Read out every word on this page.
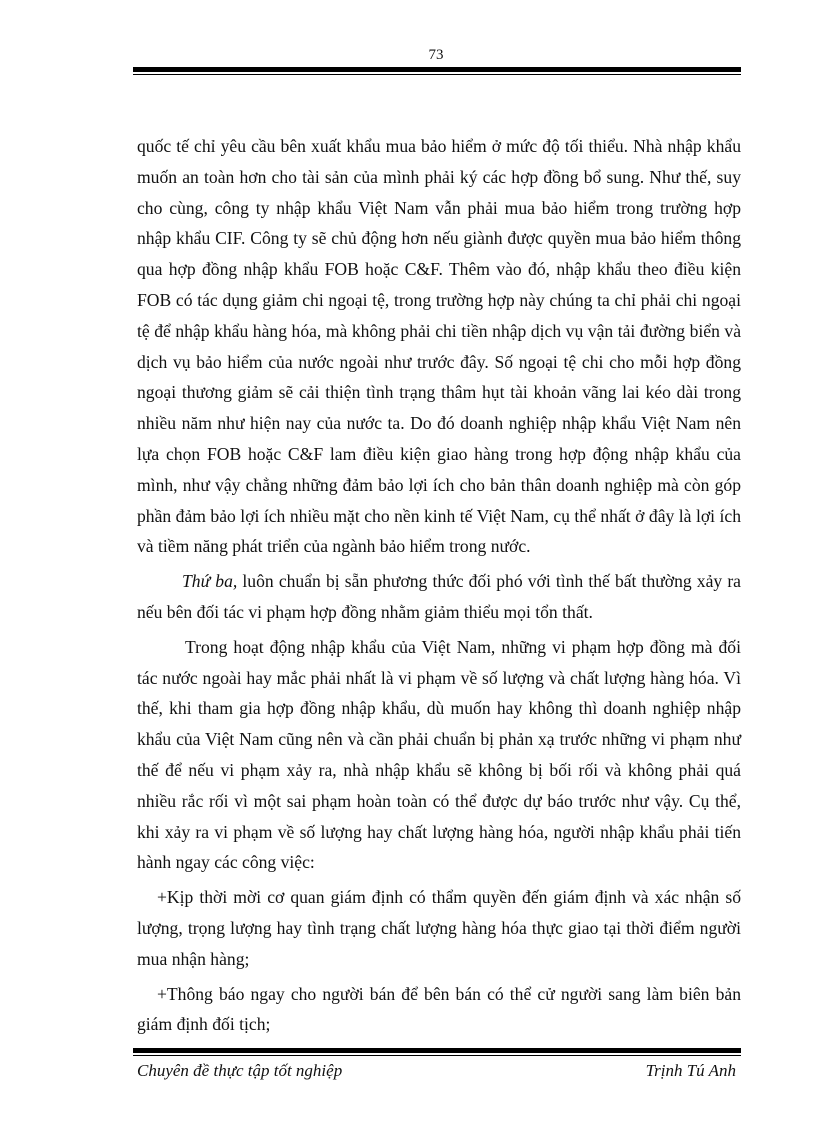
73

quốc tế chỉ yêu cầu bên xuất khẩu mua bảo hiểm ở mức độ tối thiểu. Nhà nhập khẩu muốn an toàn hơn cho tài sản của mình phải ký các hợp đồng bổ sung. Như thế, suy cho cùng, công ty nhập khẩu Việt Nam vẫn phải mua bảo hiểm trong trường hợp nhập khẩu CIF. Công ty sẽ chủ động hơn nếu giành được quyền mua bảo hiểm thông qua hợp đồng nhập khẩu FOB hoặc C&F. Thêm vào đó, nhập khẩu theo điều kiện FOB có tác dụng giảm chi ngoại tệ, trong trường hợp này chúng ta chỉ phải chi ngoại tệ để nhập khẩu hàng hóa, mà không phải chi tiền nhập dịch vụ vận tải đường biển và dịch vụ bảo hiểm của nước ngoài như trước đây. Số ngoại tệ chi cho mỗi hợp đồng ngoại thương giảm sẽ cải thiện tình trạng thâm hụt tài khoản vãng lai kéo dài trong nhiều năm như hiện nay của nước ta. Do đó doanh nghiệp nhập khẩu Việt Nam nên lựa chọn FOB hoặc C&F lam điều kiện giao hàng trong hợp động nhập khẩu của mình, như vậy chẳng những đảm bảo lợi ích cho bản thân doanh nghiệp mà còn góp phần đảm bảo lợi ích nhiều mặt cho nền kinh tế Việt Nam, cụ thể nhất ở đây là lợi ích và tiềm năng phát triển của ngành bảo hiểm trong nước.

Thứ ba, luôn chuẩn bị sẵn phương thức đối phó với tình thế bất thường xảy ra nếu bên đối tác vi phạm hợp đồng nhằm giảm thiểu mọi tổn thất.

Trong hoạt động nhập khẩu của Việt Nam, những vi phạm hợp đồng mà đối tác nước ngoài hay mắc phải nhất là vi phạm về số lượng và chất lượng hàng hóa. Vì thế, khi tham gia hợp đồng nhập khẩu, dù muốn hay không thì doanh nghiệp nhập khẩu của Việt Nam cũng nên và cần phải chuẩn bị phản xạ trước những vi phạm như thế để nếu vi phạm xảy ra, nhà nhập khẩu sẽ không bị bối rối và không phải quá nhiều rắc rối vì một sai phạm hoàn toàn có thể được dự báo trước như vậy. Cụ thể, khi xảy ra vi phạm về số lượng hay chất lượng hàng hóa, người nhập khẩu phải tiến hành ngay các công việc:

+Kịp thời mời cơ quan giám định có thẩm quyền đến giám định và xác nhận số lượng, trọng lượng hay tình trạng chất lượng hàng hóa thực giao tại thời điểm người mua nhận hàng;

+Thông báo ngay cho người bán để bên bán có thể cử người sang làm biên bản giám định đối tịch;

Chuyên đề thực tập tốt nghiệp	Trịnh Tú Anh
